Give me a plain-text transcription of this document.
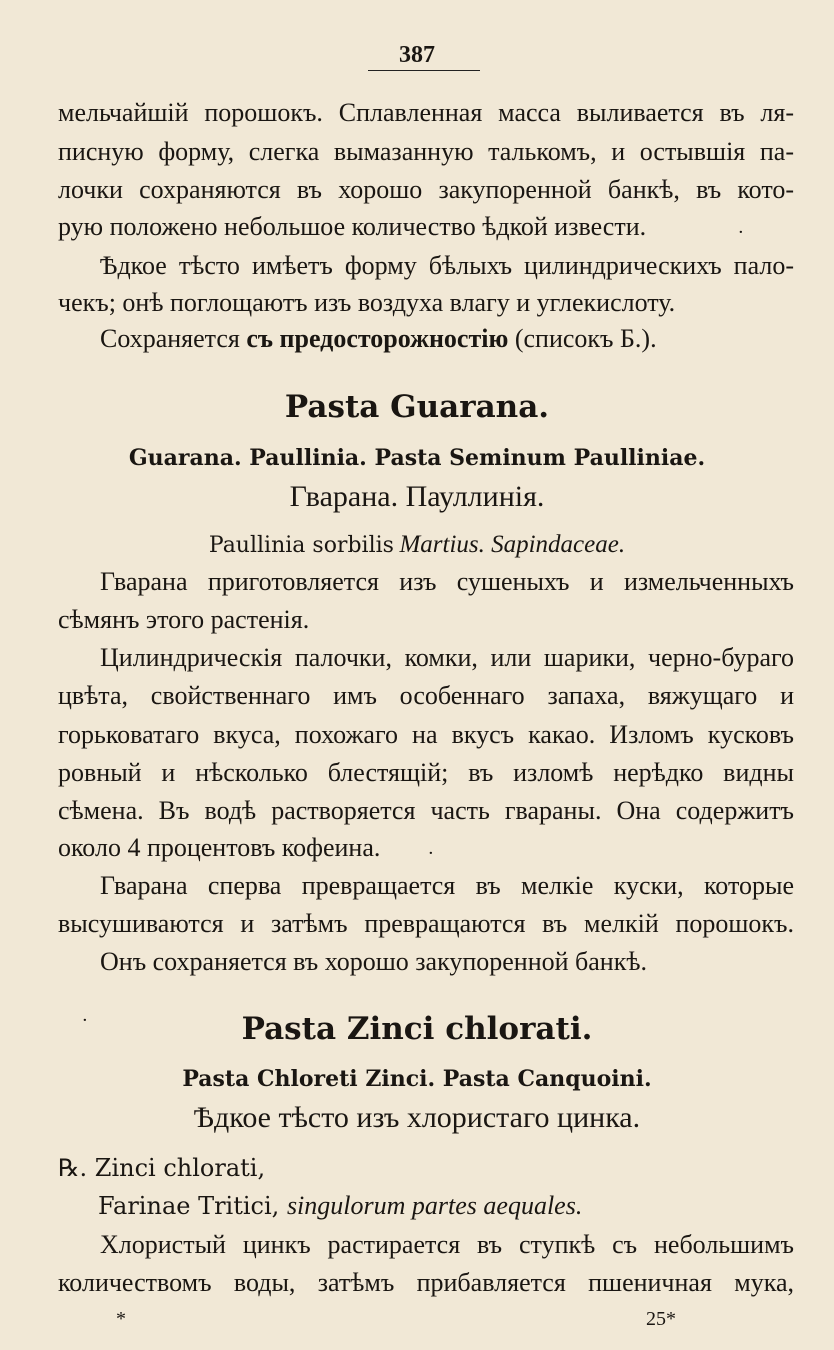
387

мельчайшій порошокъ. Сплавленная масса выливается въ ля-

писную форму, слегка вымазанную талькомъ, и остывшія па-

лочки сохраняются въ хорошо закупоренной банкѣ, въ кото-

рую положено небольшое количество ѣдкой извести.	·

Ѣдкое тѣсто имѣетъ форму бѣлыхъ цилиндрическихъ пало-

чекъ; онѣ поглощаютъ изъ воздуха влагу и углекислоту.

Сохраняется съ предосторожностію (списокъ Б.).

Pasta Guarana.
Guarana. Paullinia. Pasta Seminum Paulliniae.
Гварана. Пауллинія.
Paullinia sorbilis Martius. Sapindaceae.

Гварана приготовляется изъ сушеныхъ и измельченныхъ

сѣмянъ этого растенія.

Цилиндрическія палочки, комки, или шарики, черно-бураго

цвѣта, свойственнаго имъ особеннаго запаха, вяжущаго и

горьковатаго вкуса, похожаго на вкусъ какао. Изломъ кусковъ

ровный и нѣсколько блестящій; въ изломѣ нерѣдко видны

сѣмена. Въ водѣ растворяется часть гвараны. Она содержитъ

около 4 процентовъ кофеина.	·

Гварана сперва превращается въ мелкіе куски, которые

высушиваются и затѣмъ превращаются въ мелкій порошокъ.

Онъ сохраняется въ хорошо закупоренной банкѣ.

·	Pasta Zinci chlorati.
Pasta Chloreti Zinci. Pasta Canquoini.
Ѣдкое тѣсто изъ хлористаго цинка.

℞. Zinci chlorati,

Farinae Tritici, singulorum partes aequales.

Хлористый цинкъ растирается въ ступкѣ съ небольшимъ

количествомъ воды, затѣмъ прибавляется пшеничная мука,

*	25*
